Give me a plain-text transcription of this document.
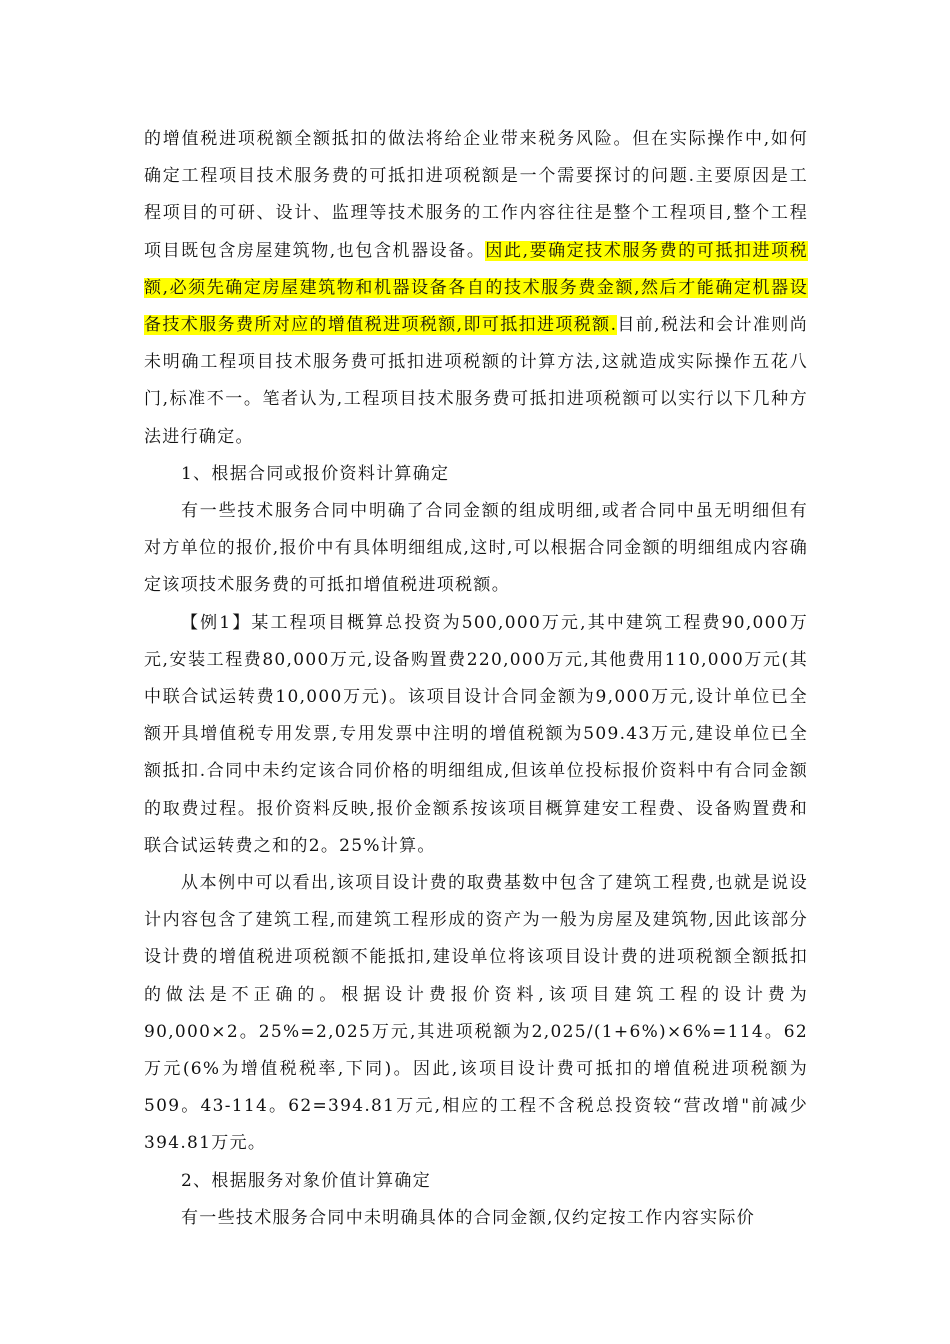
的增值税进项税额全额抵扣的做法将给企业带来税务风险。但在实际操作中,如何确定工程项目技术服务费的可抵扣进项税额是一个需要探讨的问题.主要原因是工程项目的可研、设计、监理等技术服务的工作内容往往是整个工程项目,整个工程项目既包含房屋建筑物,也包含机器设备。因此,要确定技术服务费的可抵扣进项税额,必须先确定房屋建筑物和机器设备各自的技术服务费金额,然后才能确定机器设备技术服务费所对应的增值税进项税额,即可抵扣进项税额.目前,税法和会计准则尚未明确工程项目技术服务费可抵扣进项税额的计算方法,这就造成实际操作五花八门,标准不一。笔者认为,工程项目技术服务费可抵扣进项税额可以实行以下几种方法进行确定。

1、根据合同或报价资料计算确定

有一些技术服务合同中明确了合同金额的组成明细,或者合同中虽无明细但有对方单位的报价,报价中有具体明细组成,这时,可以根据合同金额的明细组成内容确定该项技术服务费的可抵扣增值税进项税额。

【例1】某工程项目概算总投资为500,000万元,其中建筑工程费90,000万元,安装工程费80,000万元,设备购置费220,000万元,其他费用110,000万元(其中联合试运转费10,000万元)。该项目设计合同金额为9,000万元,设计单位已全额开具增值税专用发票,专用发票中注明的增值税额为509.43万元,建设单位已全额抵扣.合同中未约定该合同价格的明细组成,但该单位投标报价资料中有合同金额的取费过程。报价资料反映,报价金额系按该项目概算建安工程费、设备购置费和联合试运转费之和的2。25%计算。

从本例中可以看出,该项目设计费的取费基数中包含了建筑工程费,也就是说设计内容包含了建筑工程,而建筑工程形成的资产为一般为房屋及建筑物,因此该部分设计费的增值税进项税额不能抵扣,建设单位将该项目设计费的进项税额全额抵扣的做法是不正确的。根据设计费报价资料,该项目建筑工程的设计费为90,000×2。25%=2,025万元,其进项税额为2,025/(1+6%)×6%=114。62万元(6%为增值税税率,下同)。因此,该项目设计费可抵扣的增值税进项税额为509。43-114。62=394.81万元,相应的工程不含税总投资较“营改增"前减少394.81万元。

2、根据服务对象价值计算确定

有一些技术服务合同中未明确具体的合同金额,仅约定按工作内容实际价
